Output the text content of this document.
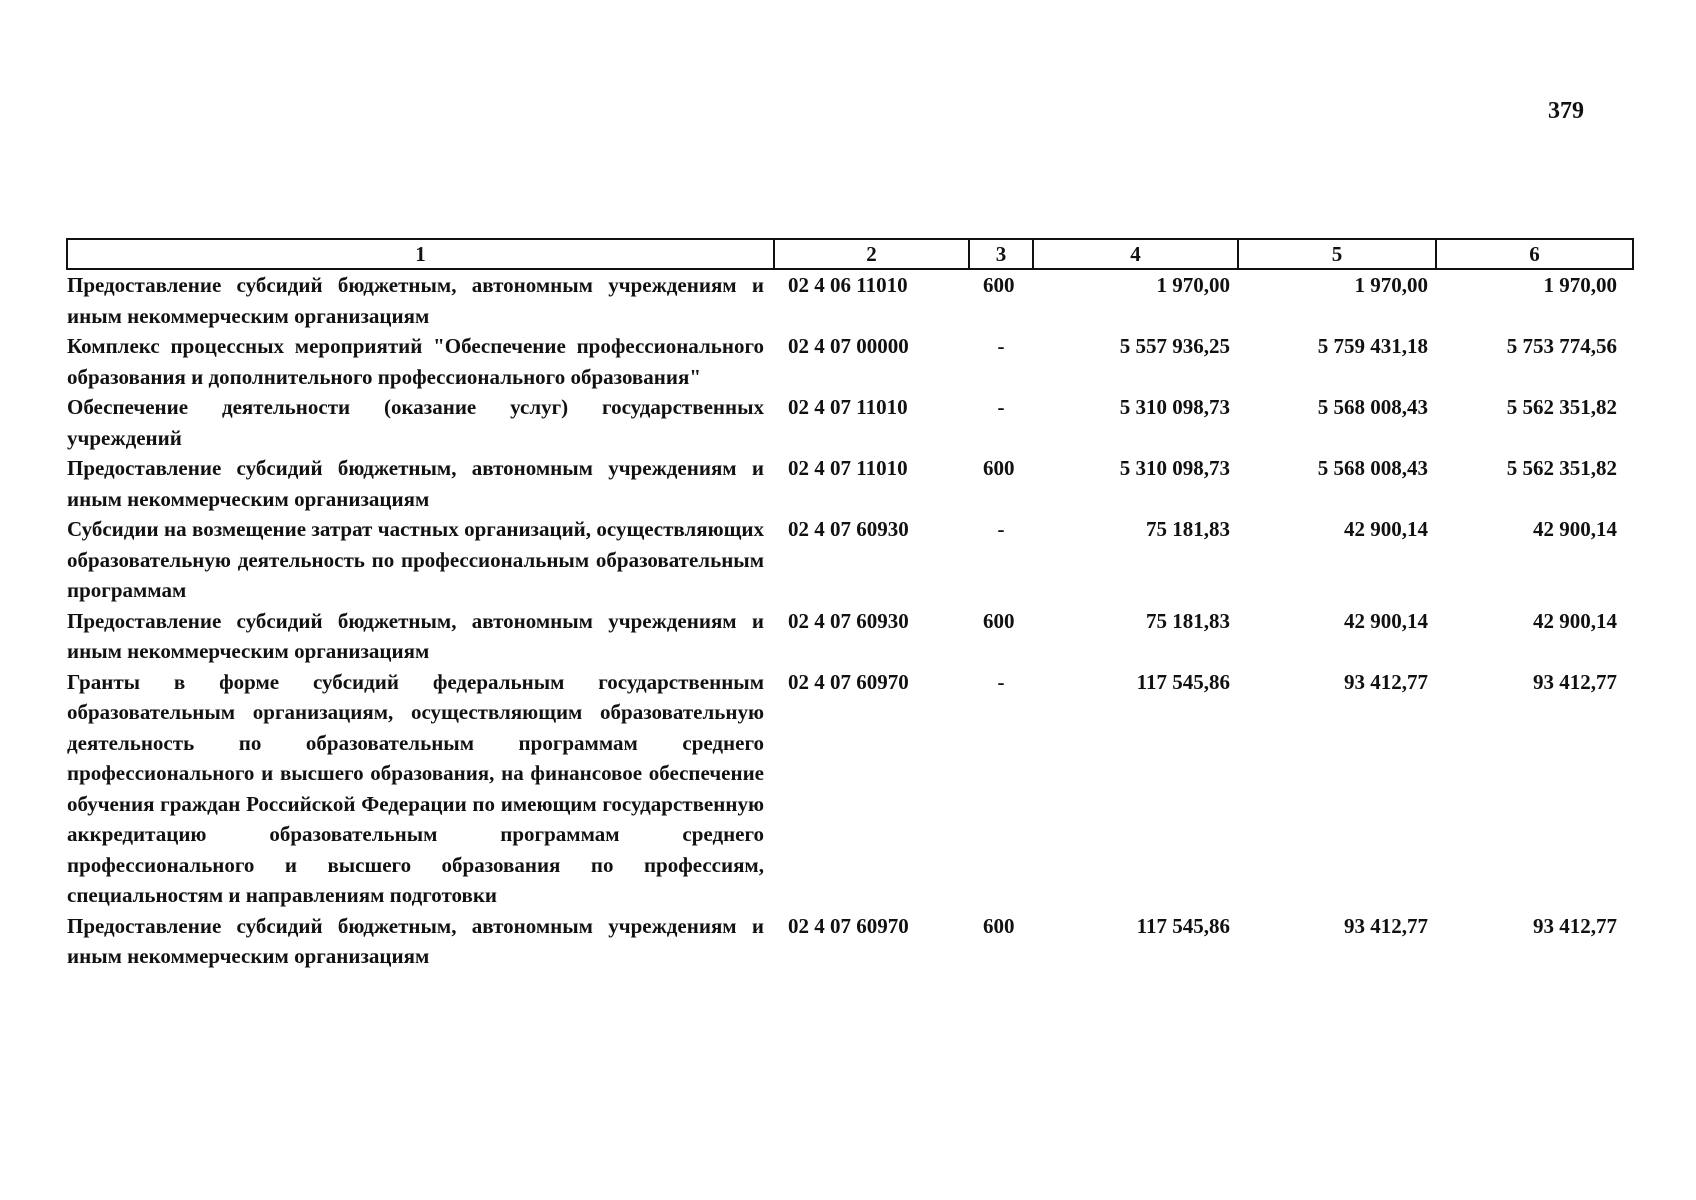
379
1	2	3	4	5	6
Предоставление субсидий бюджетным, автономным учреждениям и иным некоммерческим организациям	02 4 06 11010	600	1 970,00	1 970,00	1 970,00
Комплекс процессных мероприятий "Обеспечение профессионального образования и дополнительного профессионального образования"	02 4 07 00000	-	5 557 936,25	5 759 431,18	5 753 774,56
Обеспечение деятельности (оказание услуг) государственных учреждений	02 4 07 11010	-	5 310 098,73	5 568 008,43	5 562 351,82
Предоставление субсидий бюджетным, автономным учреждениям и иным некоммерческим организациям	02 4 07 11010	600	5 310 098,73	5 568 008,43	5 562 351,82
Субсидии на возмещение затрат частных организаций, осуществляющих образовательную деятельность по профессиональным образовательным программам	02 4 07 60930	-	75 181,83	42 900,14	42 900,14
Предоставление субсидий бюджетным, автономным учреждениям и иным некоммерческим организациям	02 4 07 60930	600	75 181,83	42 900,14	42 900,14
Гранты в форме субсидий федеральным государственным образовательным организациям, осуществляющим образовательную деятельность по образовательным программам среднего профессионального и высшего образования, на финансовое обеспечение обучения граждан Российской Федерации по имеющим государственную аккредитацию образовательным программам среднего профессионального и высшего образования по профессиям, специальностям и направлениям подготовки	02 4 07 60970	-	117 545,86	93 412,77	93 412,77
Предоставление субсидий бюджетным, автономным учреждениям и иным некоммерческим организациям	02 4 07 60970	600	117 545,86	93 412,77	93 412,77
